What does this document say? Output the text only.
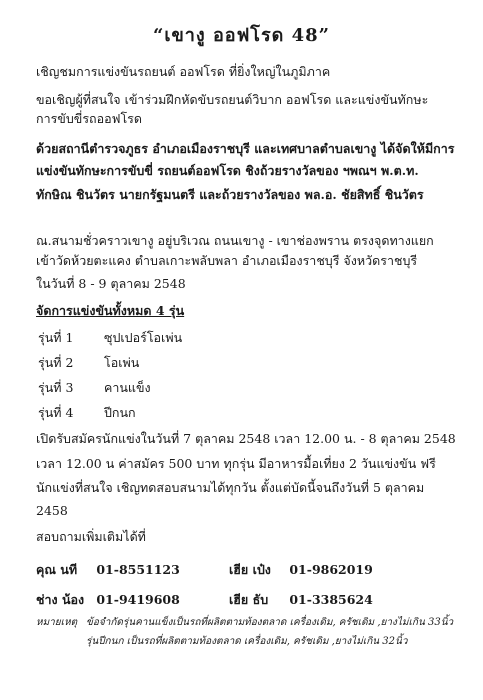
“เขางู ออฟโรด 48”
เชิญชมการแข่งขันรถยนต์ ออฟโรด ที่ยิ่งใหญ่ในภูมิภาค
ขอเชิญผู้ที่สนใจ เข้าร่วมฝึกหัดขับรถยนต์วิบาก ออฟโรด และแข่งขันทักษะ
การขับขี่รถออฟโรด
ด้วยสถานีตำรวจภูธร อำเภอเมืองราชบุรี และเทศบาลตำบลเขางู ได้จัดให้มีการ
แข่งขันทักษะการขับขี่ รถยนต์ออฟโรด ชิงถ้วยรางวัลของ ฯพณฯ พ.ต.ท.
ทักษิณ ชินวัตร นายกรัฐมนตรี และถ้วยรางวัลของ พล.อ. ชัยสิทธิ์ ชินวัตร
ณ.สนามชั่วคราวเขางู อยู่บริเวณ ถนนเขางู - เขาช่องพราน ตรงจุดทางแยก
เข้าวัดห้วยตะแคง ตำบลเกาะพลับพลา อำเภอเมืองราชบุรี จังหวัดราชบุรี
ในวันที่ 8 - 9 ตุลาคม 2548
จัดการแข่งขันทั้งหมด 4 รุ่น
รุ่นที่ 1 ซุปเปอร์โอเพ่น
รุ่นที่ 2 โอเพ่น
รุ่นที่ 3 คานแข็ง
รุ่นที่ 4 ปีกนก
เปิดรับสมัครนักแข่งในวันที่ 7 ตุลาคม 2548 เวลา 12.00 น. - 8 ตุลาคม 2548
เวลา 12.00 น ค่าสมัคร 500 บาท ทุกรุ่น มีอาหารมื้อเที่ยง 2 วันแข่งขัน ฟรี
นักแข่งที่สนใจ เชิญทดสอบสนามได้ทุกวัน ตั้งแต่บัดนี้จนถึงวันที่ 5 ตุลาคม
2458
สอบถามเพิ่มเติมได้ที่
คุณ นที 01-8551123	เฮีย เป๋ง 01-9862019
ช่าง น้อง 01-9419608	เฮีย ธับ 01-3385624
หมายเหตุ ข้อจำกัดรุ่นคานแข็งเป็นรถที่ผลิตตามท้องตลาด เครื่องเดิม, ครัชเดิม ,ยางไม่เกิน 33นิ้ว
รุ่นปีกนก เป็นรถที่ผลิตตามท้องตลาด เครื่องเดิม, ครัชเดิม ,ยางไม่เกิน 32นิ้ว
